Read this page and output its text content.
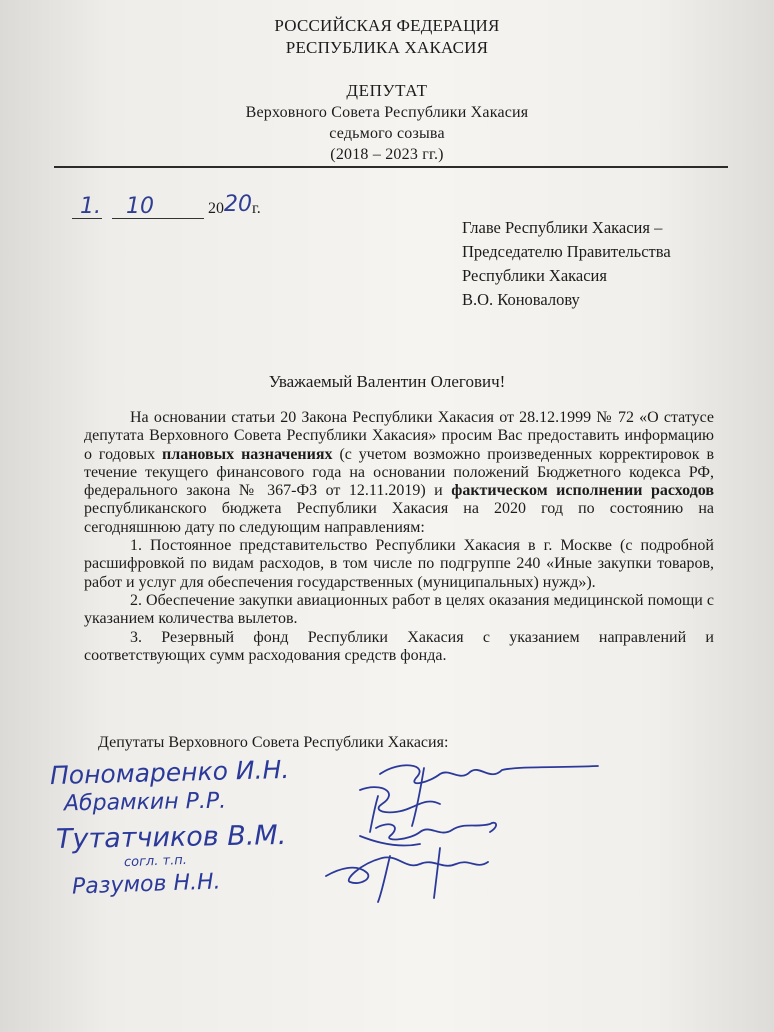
РОССИЙСКАЯ ФЕДЕРАЦИЯ
РЕСПУБЛИКА ХАКАСИЯ
ДЕПУТАТ
Верховного Совета Республики Хакасия
седьмого созыва
(2018 – 2023 гг.)
1. 10	20 20 г.
Главе Республики Хакасия –
Председателю Правительства
Республики Хакасия
В.О. Коновалову
Уважаемый Валентин Олегович!

На основании статьи 20 Закона Республики Хакасия от 28.12.1999 № 72 «О статусе депутата Верховного Совета Республики Хакасия» просим Вас предоставить информацию о годовых плановых назначениях (с учетом возможно произведенных корректировок в течение текущего финансового года на основании положений Бюджетного кодекса РФ, федерального закона № 367-ФЗ от 12.11.2019) и фактическом исполнении расходов республиканского бюджета Республики Хакасия на 2020 год по состоянию на сегодняшнюю дату по следующим направлениям:

1. Постоянное представительство Республики Хакасия в г. Москве (с подробной расшифровкой по видам расходов, в том числе по подгруппе 240 «Иные закупки товаров, работ и услуг для обеспечения государственных (муниципальных) нужд»).

2. Обеспечение закупки авиационных работ в целях оказания медицинской помощи с указанием количества вылетов.

3. Резервный фонд Республики Хакасия с указанием направлений и соответствующих сумм расходования средств фонда.

Депутаты Верховного Совета Республики Хакасия:
Пономаренко И.Н.
Абрамкин Р.Р.
Тутатчиков В.М.
согл. т.п.
Разумов Н.Н.
